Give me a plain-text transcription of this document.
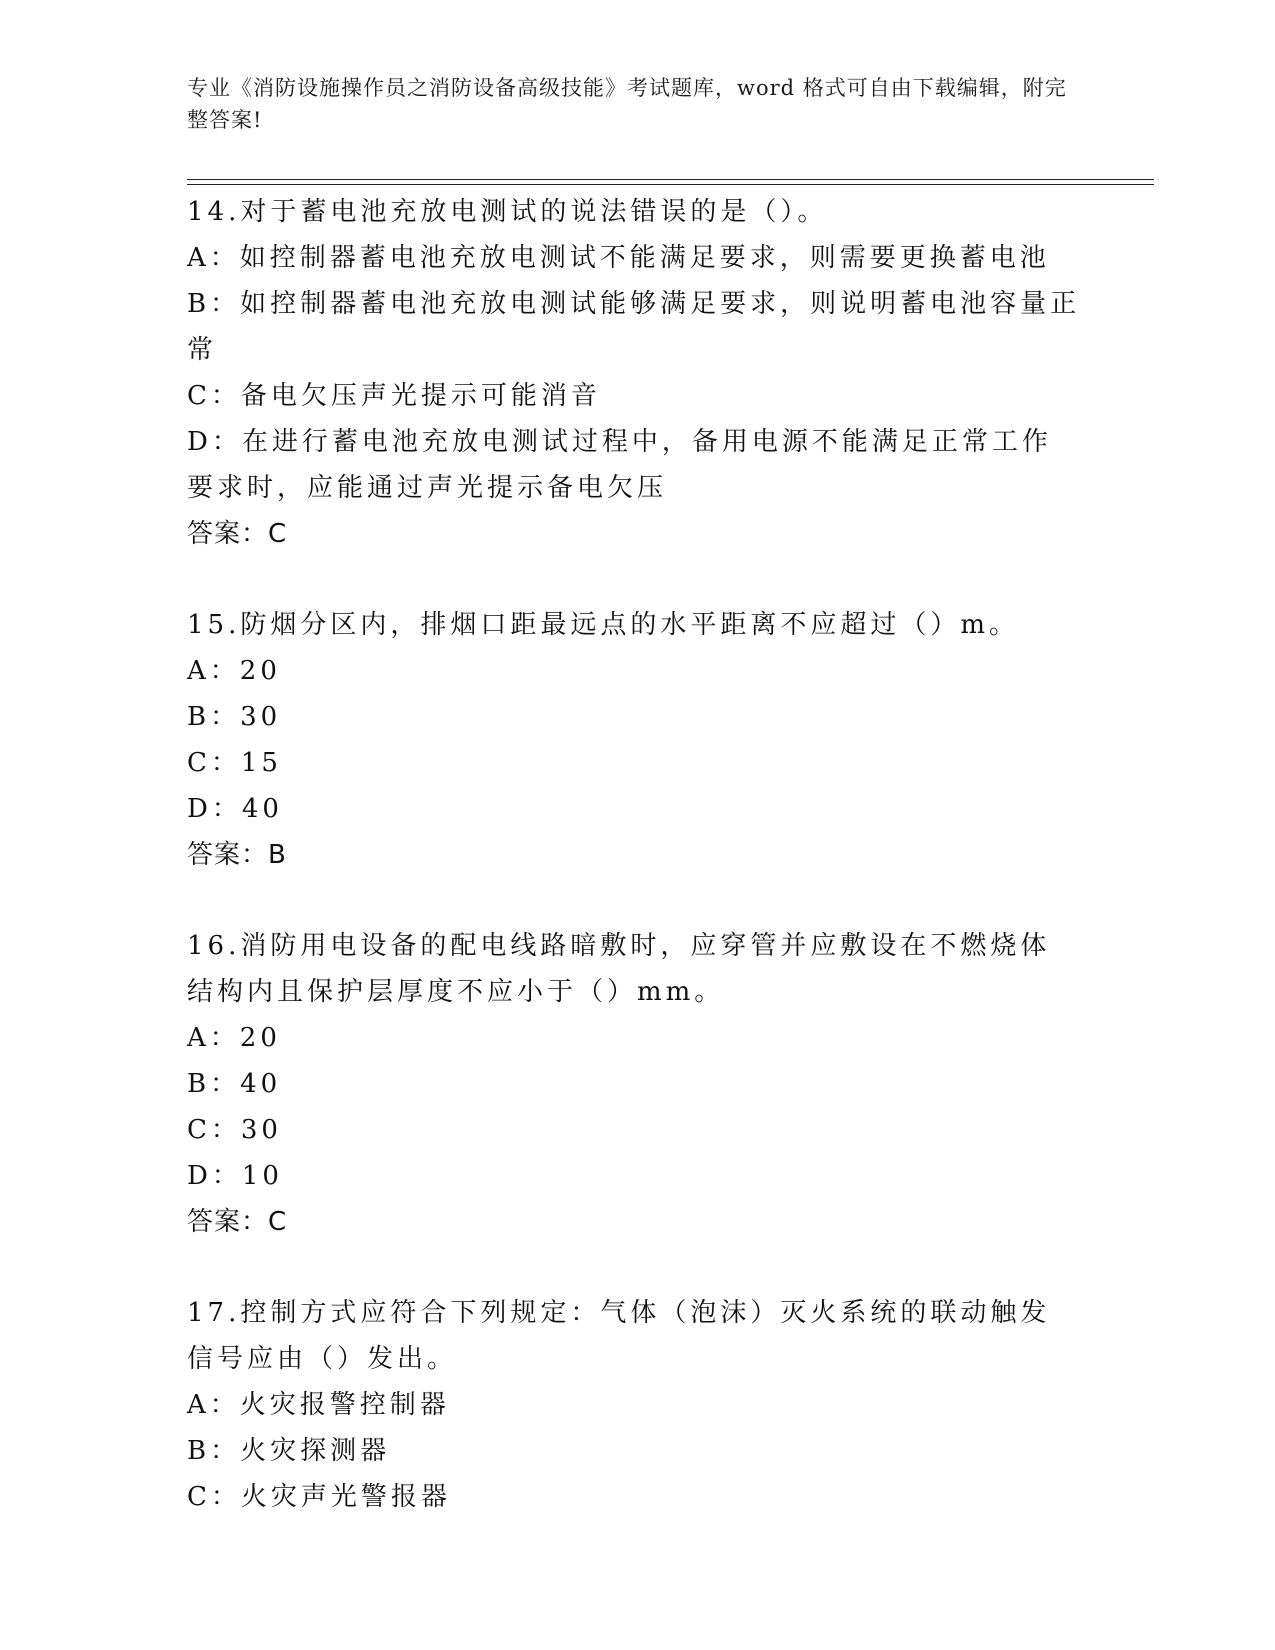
专业《消防设施操作员之消防设备高级技能》考试题库，word 格式可自由下载编辑，附完整答案!
14.对于蓄电池充放电测试的说法错误的是（）。
A：如控制器蓄电池充放电测试不能满足要求，则需要更换蓄电池
B：如控制器蓄电池充放电测试能够满足要求，则说明蓄电池容量正常
C：备电欠压声光提示可能消音
D：在进行蓄电池充放电测试过程中，备用电源不能满足正常工作要求时，应能通过声光提示备电欠压
答案：C
15.防烟分区内，排烟口距最远点的水平距离不应超过（）m。
A：20
B：30
C：15
D：40
答案：B
16.消防用电设备的配电线路暗敷时，应穿管并应敷设在不燃烧体结构内且保护层厚度不应小于（）mm。
A：20
B：40
C：30
D：10
答案：C
17.控制方式应符合下列规定：气体（泡沫）灭火系统的联动触发信号应由（）发出。
A：火灾报警控制器
B：火灾探测器
C：火灾声光警报器
